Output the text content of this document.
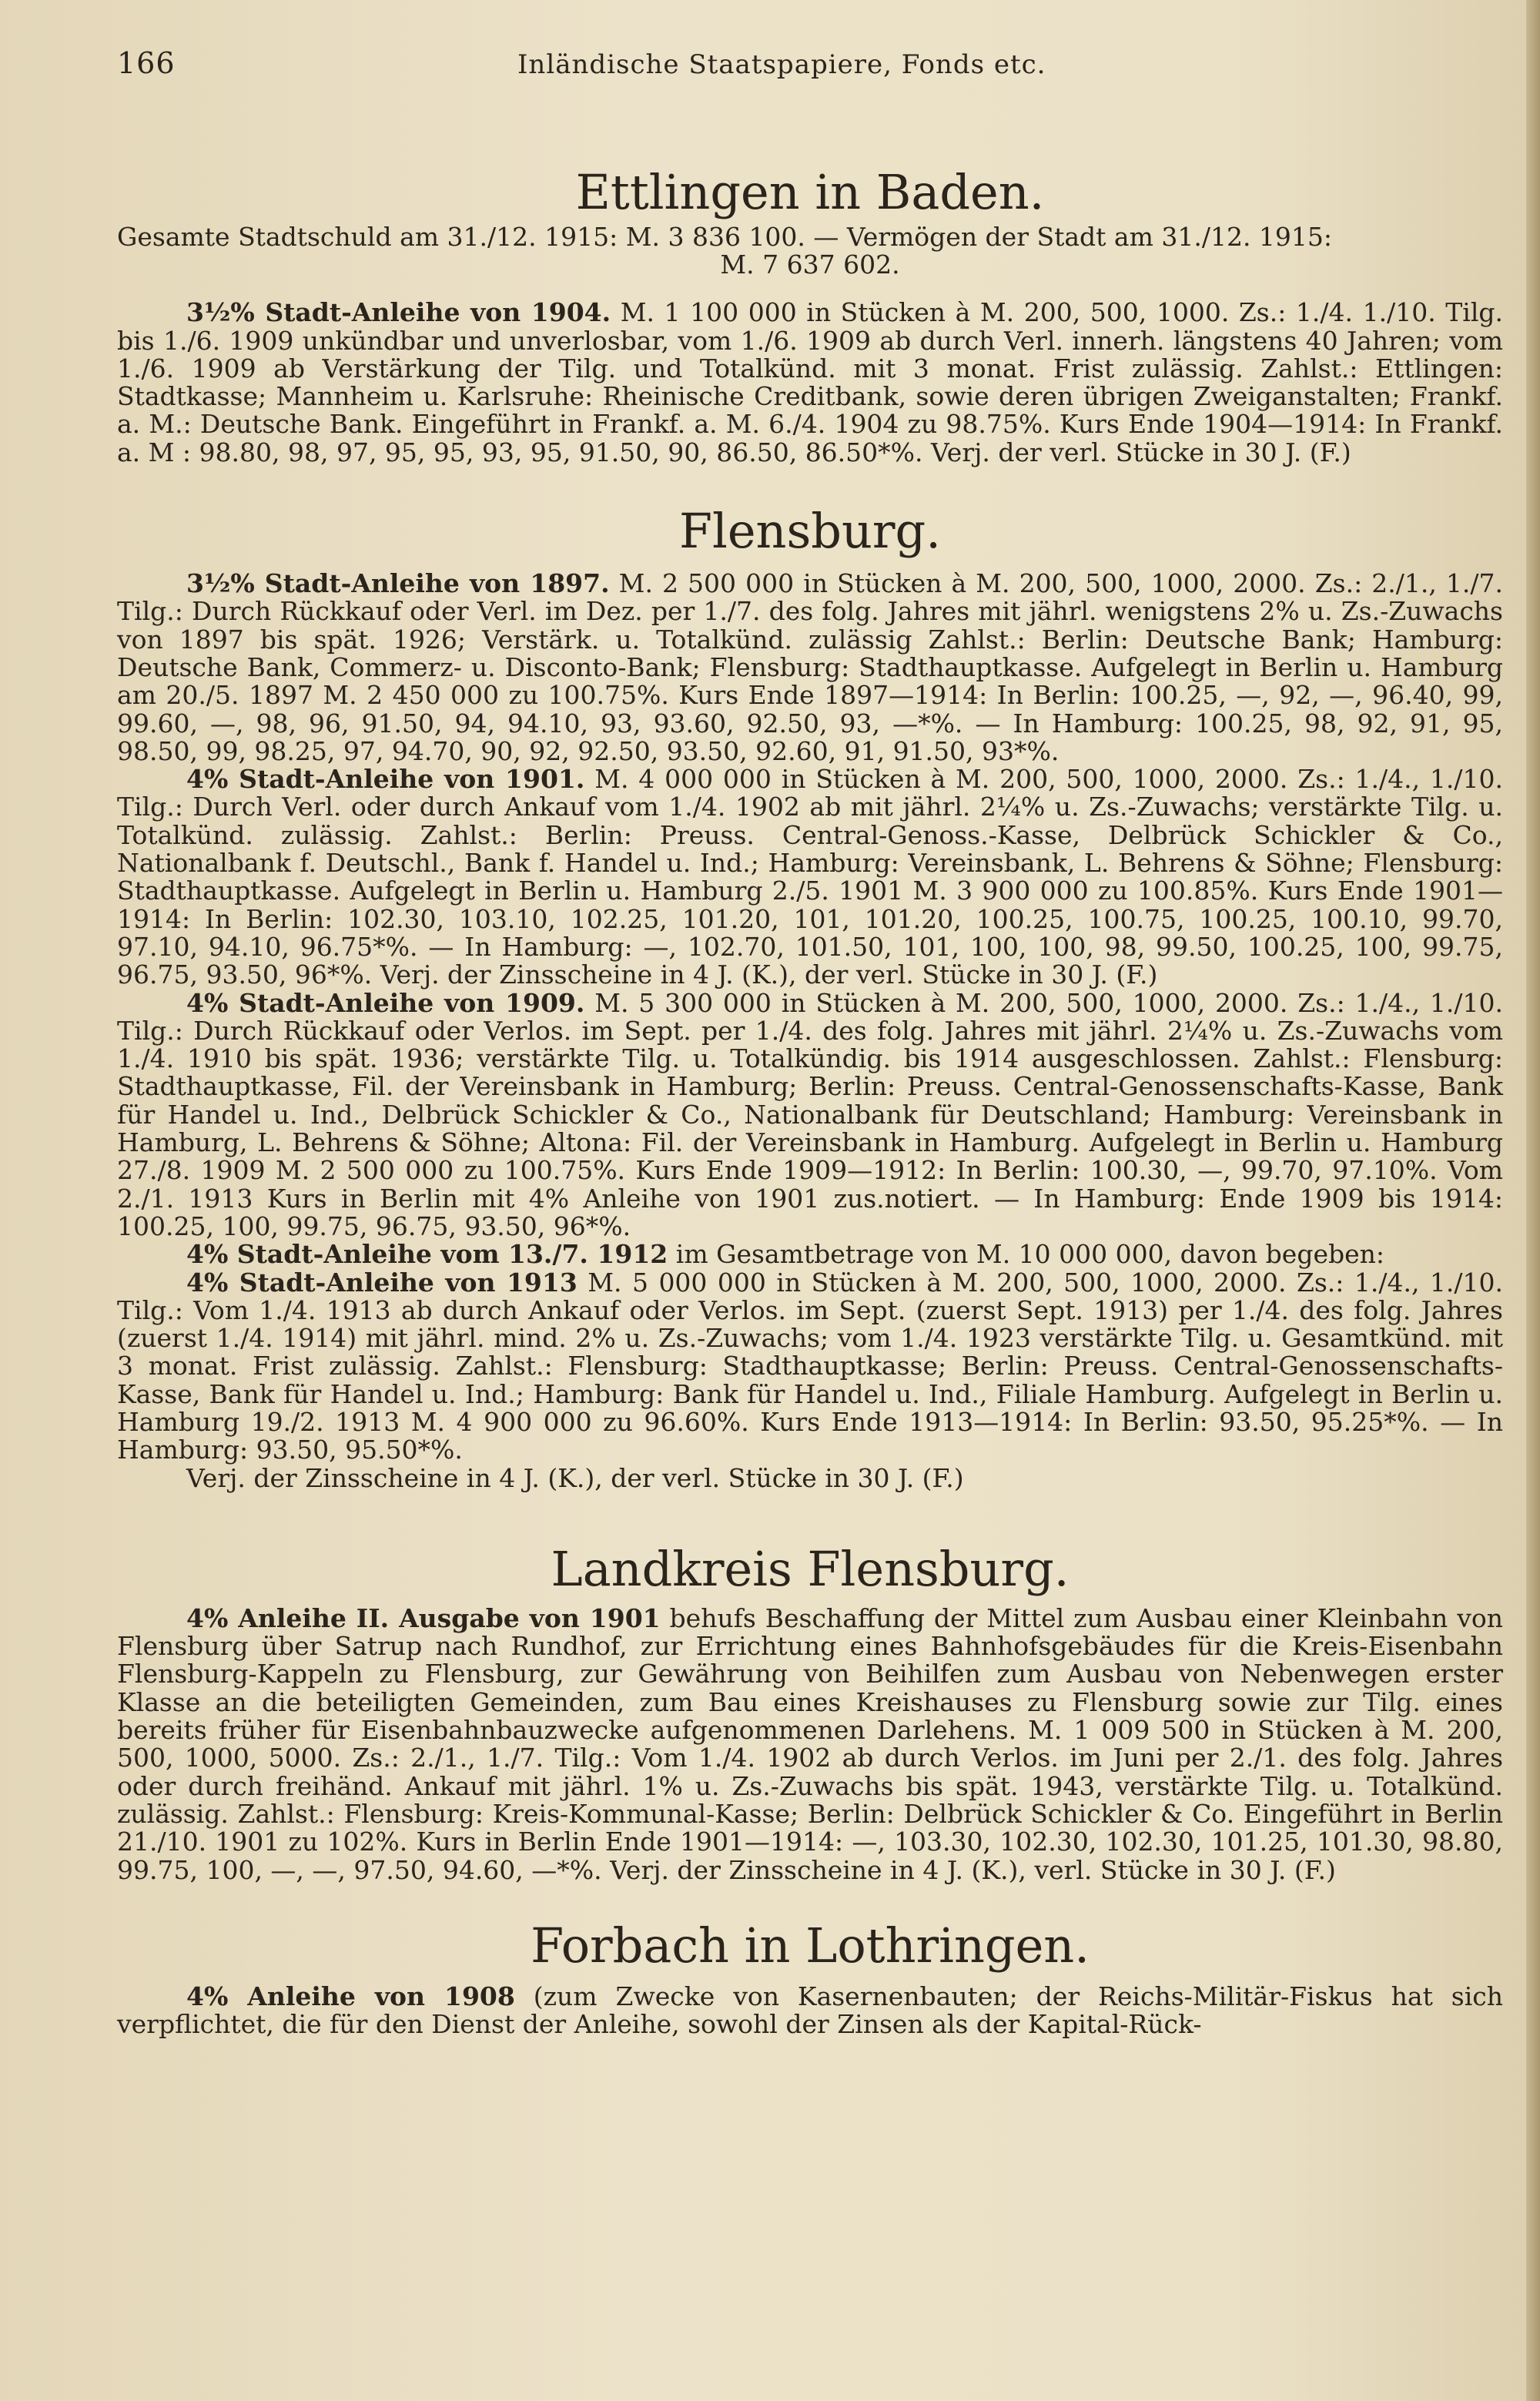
166	Inländische Staatspapiere, Fonds etc.
Ettlingen in Baden.

Gesamte Stadtschuld am 31./12. 1915: M. 3 836 100. — Vermögen der Stadt am 31./12. 1915:

M. 7 637 602.

3½% Stadt-Anleihe von 1904. M. 1 100 000 in Stücken à M. 200, 500, 1000. Zs.: 1./4. 1./10. Tilg. bis 1./6. 1909 unkündbar und unverlosbar, vom 1./6. 1909 ab durch Verl. innerh. längstens 40 Jahren; vom 1./6. 1909 ab Verstärkung der Tilg. und Totalkünd. mit 3 monat. Frist zulässig. Zahlst.: Ettlingen: Stadtkasse; Mannheim u. Karlsruhe: Rheinische Creditbank, sowie deren übrigen Zweiganstalten; Frankf. a. M.: Deutsche Bank. Eingeführt in Frankf. a. M. 6./4. 1904 zu 98.75%. Kurs Ende 1904—1914: In Frankf. a. M : 98.80, 98, 97, 95, 95, 93, 95, 91.50, 90, 86.50, 86.50*%. Verj. der verl. Stücke in 30 J. (F.)

Flensburg.

3½% Stadt-Anleihe von 1897. M. 2 500 000 in Stücken à M. 200, 500, 1000, 2000. Zs.: 2./1., 1./7. Tilg.: Durch Rückkauf oder Verl. im Dez. per 1./7. des folg. Jahres mit jährl. wenigstens 2% u. Zs.-Zuwachs von 1897 bis spät. 1926; Verstärk. u. Totalkünd. zulässig Zahlst.: Berlin: Deutsche Bank; Hamburg: Deutsche Bank, Commerz- u. Disconto-Bank; Flensburg: Stadthauptkasse. Aufgelegt in Berlin u. Hamburg am 20./5. 1897 M. 2 450 000 zu 100.75%. Kurs Ende 1897—1914: In Berlin: 100.25, —, 92, —, 96.40, 99, 99.60, —, 98, 96, 91.50, 94, 94.10, 93, 93.60, 92.50, 93, —*%. — In Hamburg: 100.25, 98, 92, 91, 95, 98.50, 99, 98.25, 97, 94.70, 90, 92, 92.50, 93.50, 92.60, 91, 91.50, 93*%.

4% Stadt-Anleihe von 1901. M. 4 000 000 in Stücken à M. 200, 500, 1000, 2000. Zs.: 1./4., 1./10. Tilg.: Durch Verl. oder durch Ankauf vom 1./4. 1902 ab mit jährl. 2¼% u. Zs.-Zuwachs; verstärkte Tilg. u. Totalkünd. zulässig. Zahlst.: Berlin: Preuss. Central-Genoss.-Kasse, Delbrück Schickler & Co., Nationalbank f. Deutschl., Bank f. Handel u. Ind.; Hamburg: Vereinsbank, L. Behrens & Söhne; Flensburg: Stadthauptkasse. Aufgelegt in Berlin u. Hamburg 2./5. 1901 M. 3 900 000 zu 100.85%. Kurs Ende 1901—1914: In Berlin: 102.30, 103.10, 102.25, 101.20, 101, 101.20, 100.25, 100.75, 100.25, 100.10, 99.70, 97.10, 94.10, 96.75*%. — In Hamburg: —, 102.70, 101.50, 101, 100, 100, 98, 99.50, 100.25, 100, 99.75, 96.75, 93.50, 96*%. Verj. der Zinsscheine in 4 J. (K.), der verl. Stücke in 30 J. (F.)

4% Stadt-Anleihe von 1909. M. 5 300 000 in Stücken à M. 200, 500, 1000, 2000. Zs.: 1./4., 1./10. Tilg.: Durch Rückkauf oder Verlos. im Sept. per 1./4. des folg. Jahres mit jährl. 2¼% u. Zs.-Zuwachs vom 1./4. 1910 bis spät. 1936; verstärkte Tilg. u. Totalkündig. bis 1914 ausgeschlossen. Zahlst.: Flensburg: Stadthauptkasse, Fil. der Vereinsbank in Hamburg; Berlin: Preuss. Central-Genossenschafts-Kasse, Bank für Handel u. Ind., Delbrück Schickler & Co., Nationalbank für Deutschland; Hamburg: Vereinsbank in Hamburg, L. Behrens & Söhne; Altona: Fil. der Vereinsbank in Hamburg. Aufgelegt in Berlin u. Hamburg 27./8. 1909 M. 2 500 000 zu 100.75%. Kurs Ende 1909—1912: In Berlin: 100.30, —, 99.70, 97.10%. Vom 2./1. 1913 Kurs in Berlin mit 4% Anleihe von 1901 zus.notiert. — In Hamburg: Ende 1909 bis 1914: 100.25, 100, 99.75, 96.75, 93.50, 96*%.

4% Stadt-Anleihe vom 13./7. 1912 im Gesamtbetrage von M. 10 000 000, davon begeben:

4% Stadt-Anleihe von 1913 M. 5 000 000 in Stücken à M. 200, 500, 1000, 2000. Zs.: 1./4., 1./10. Tilg.: Vom 1./4. 1913 ab durch Ankauf oder Verlos. im Sept. (zuerst Sept. 1913) per 1./4. des folg. Jahres (zuerst 1./4. 1914) mit jährl. mind. 2% u. Zs.-Zuwachs; vom 1./4. 1923 verstärkte Tilg. u. Gesamtkünd. mit 3 monat. Frist zulässig. Zahlst.: Flensburg: Stadthauptkasse; Berlin: Preuss. Central-Genossenschafts-Kasse, Bank für Handel u. Ind.; Hamburg: Bank für Handel u. Ind., Filiale Hamburg. Aufgelegt in Berlin u. Hamburg 19./2. 1913 M. 4 900 000 zu 96.60%. Kurs Ende 1913—1914: In Berlin: 93.50, 95.25*%. — In Hamburg: 93.50, 95.50*%.

Verj. der Zinsscheine in 4 J. (K.), der verl. Stücke in 30 J. (F.)

Landkreis Flensburg.

4% Anleihe II. Ausgabe von 1901 behufs Beschaffung der Mittel zum Ausbau einer Kleinbahn von Flensburg über Satrup nach Rundhof, zur Errichtung eines Bahnhofsgebäudes für die Kreis-Eisenbahn Flensburg-Kappeln zu Flensburg, zur Gewährung von Beihilfen zum Ausbau von Nebenwegen erster Klasse an die beteiligten Gemeinden, zum Bau eines Kreishauses zu Flensburg sowie zur Tilg. eines bereits früher für Eisenbahnbauzwecke aufgenommenen Darlehens. M. 1 009 500 in Stücken à M. 200, 500, 1000, 5000. Zs.: 2./1., 1./7. Tilg.: Vom 1./4. 1902 ab durch Verlos. im Juni per 2./1. des folg. Jahres oder durch freihänd. Ankauf mit jährl. 1% u. Zs.-Zuwachs bis spät. 1943, verstärkte Tilg. u. Totalkünd. zulässig. Zahlst.: Flensburg: Kreis-Kommunal-Kasse; Berlin: Delbrück Schickler & Co. Eingeführt in Berlin 21./10. 1901 zu 102%. Kurs in Berlin Ende 1901—1914: —, 103.30, 102.30, 102.30, 101.25, 101.30, 98.80, 99.75, 100, —, —, 97.50, 94.60, —*%. Verj. der Zinsscheine in 4 J. (K.), verl. Stücke in 30 J. (F.)

Forbach in Lothringen.

4% Anleihe von 1908 (zum Zwecke von Kasernenbauten; der Reichs-Militär-Fiskus hat sich verpflichtet, die für den Dienst der Anleihe, sowohl der Zinsen als der Kapital-Rück-
